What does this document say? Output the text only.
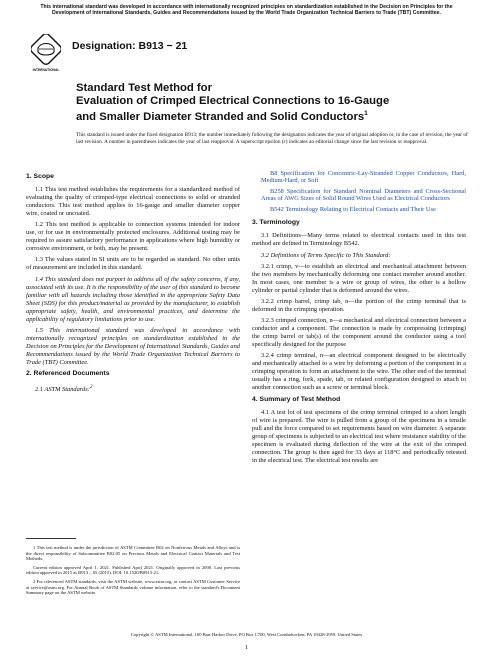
This international standard was developed in accordance with internationally recognized principles on standardization established in the Decision on Principles for the Development of International Standards, Guides and Recommendations issued by the World Trade Organization Technical Barriers to Trade (TBT) Committee.
INTERNATIONAL
Designation: B913 − 21
Standard Test Method for
Evaluation of Crimped Electrical Connections to 16-Gauge
and Smaller Diameter Stranded and Solid Conductors$^1$
This standard is issued under the fixed designation B913; the number immediately following the designation indicates the year of original adoption or, in the case of revision, the year of last revision. A number in parentheses indicates the year of last reapproval. A superscript epsilon (ε) indicates an editorial change since the last revision or reapproval.
1. Scope

1.1 This test method establishes the requirements for a standardized method of evaluating the quality of crimped-type electrical connections to solid or stranded conductors. This test method applies to 16-gauge and smaller diameter copper wire, coated or uncoated.

1.2 This test method is applicable to connection systems intended for indoor use, or for use in environmentally protected enclosures. Additional testing may be required to assure satisfactory performance in applications where high humidity or corrosive environment, or both, may be present.

1.3 The values stated in SI units are to be regarded as standard. No other units of measurement are included in this standard.

1.4 This standard does not purport to address all of the safety concerns, if any, associated with its use. It is the responsibility of the user of this standard to become familiar with all hazards including those identified in the appropriate Safety Data Sheet (SDS) for this product/material as provided by the manufacturer, to establish appropriate safety, health, and environmental practices, and determine the applicability of regulatory limitations prior to use.

1.5 This international standard was developed in accordance with internationally recognized principles on standardization established in the Decision on Principles for the Development of International Standards, Guides and Recommendations issued by the World Trade Organization Technical Barriers to Trade (TBT) Committee.

2. Referenced Documents

2.1 ASTM Standards:$^2$

B8 Specification for Concentric-Lay-Stranded Copper Conductors, Hard, Medium-Hard, or Soft

B258 Specification for Standard Nominal Diameters and Cross-Sectional Areas of AWG Sizes of Solid Round Wires Used as Electrical Conductors

B542 Terminology Relating to Electrical Contacts and Their Use

3. Terminology

3.1 Definitions—Many terms related to electrical contacts used in this test method are defined in Terminology B542.

3.2 Definitions of Terms Specific to This Standard:

3.2.1 crimp, v—to establish an electrical and mechanical attachment between the two members by mechanically deforming one contact member around another. In most cases, one member is a wire or group of wires, the other is a hollow cylinder or partial cylinder that is deformed around the wires.

3.2.2 crimp barrel, crimp tab, n—the portion of the crimp terminal that is deformed in the crimping operation.

3.2.3 crimped connection, n—a mechanical and electrical connection between a conductor and a component. The connection is made by compressing (crimping) the crimp barrel or tab(s) of the component around the conductor using a tool specifically designed for the purpose

3.2.4 crimp terminal, n—an electrical component designed to be electrically and mechanically attached to a wire by deforming a portion of the component in a crimping operation to form an attachment to the wire. The other end of the terminal usually has a ring, fork, spade, tab, or related configuration designed to attach to another connection such as a screw or terminal block.

4. Summary of Test Method

4.1 A test lot of test specimens of the crimp terminal crimped to a short length of wire is prepared. The wire is pulled from a group of the specimens in a tensile pull and the force compared to set requirements based on wire diameter. A separate group of specimens is subjected to an electrical test where resistance stability of the specimen is evaluated during deflection of the wire at the exit of the crimped connection. The group is then aged for 33 days at 118°C and periodically retested in the electrical test. The electrical test results are

1 This test method is under the jurisdiction of ASTM Committee B02 on Nonferrous Metals and Alloys and is the direct responsibility of Subcommittee B02.05 on Precious Metals and Electrical Contact Materials and Test Methods.

Current edition approved April 1, 2021. Published April 2021. Originally approved in 2000. Last previous edition approved in 2015 as B913 – 05 (2015). DOI: 10.1520/B0913-21.

2 For referenced ASTM standards, visit the ASTM website, www.astm.org, or contact ASTM Customer Service at service@astm.org. For Annual Book of ASTM Standards volume information, refer to the standard's Document Summary page on the ASTM website.

Copyright © ASTM International, 100 Barr Harbor Drive, PO Box C700, West Conshohocken, PA 19428-2959. United States
1
